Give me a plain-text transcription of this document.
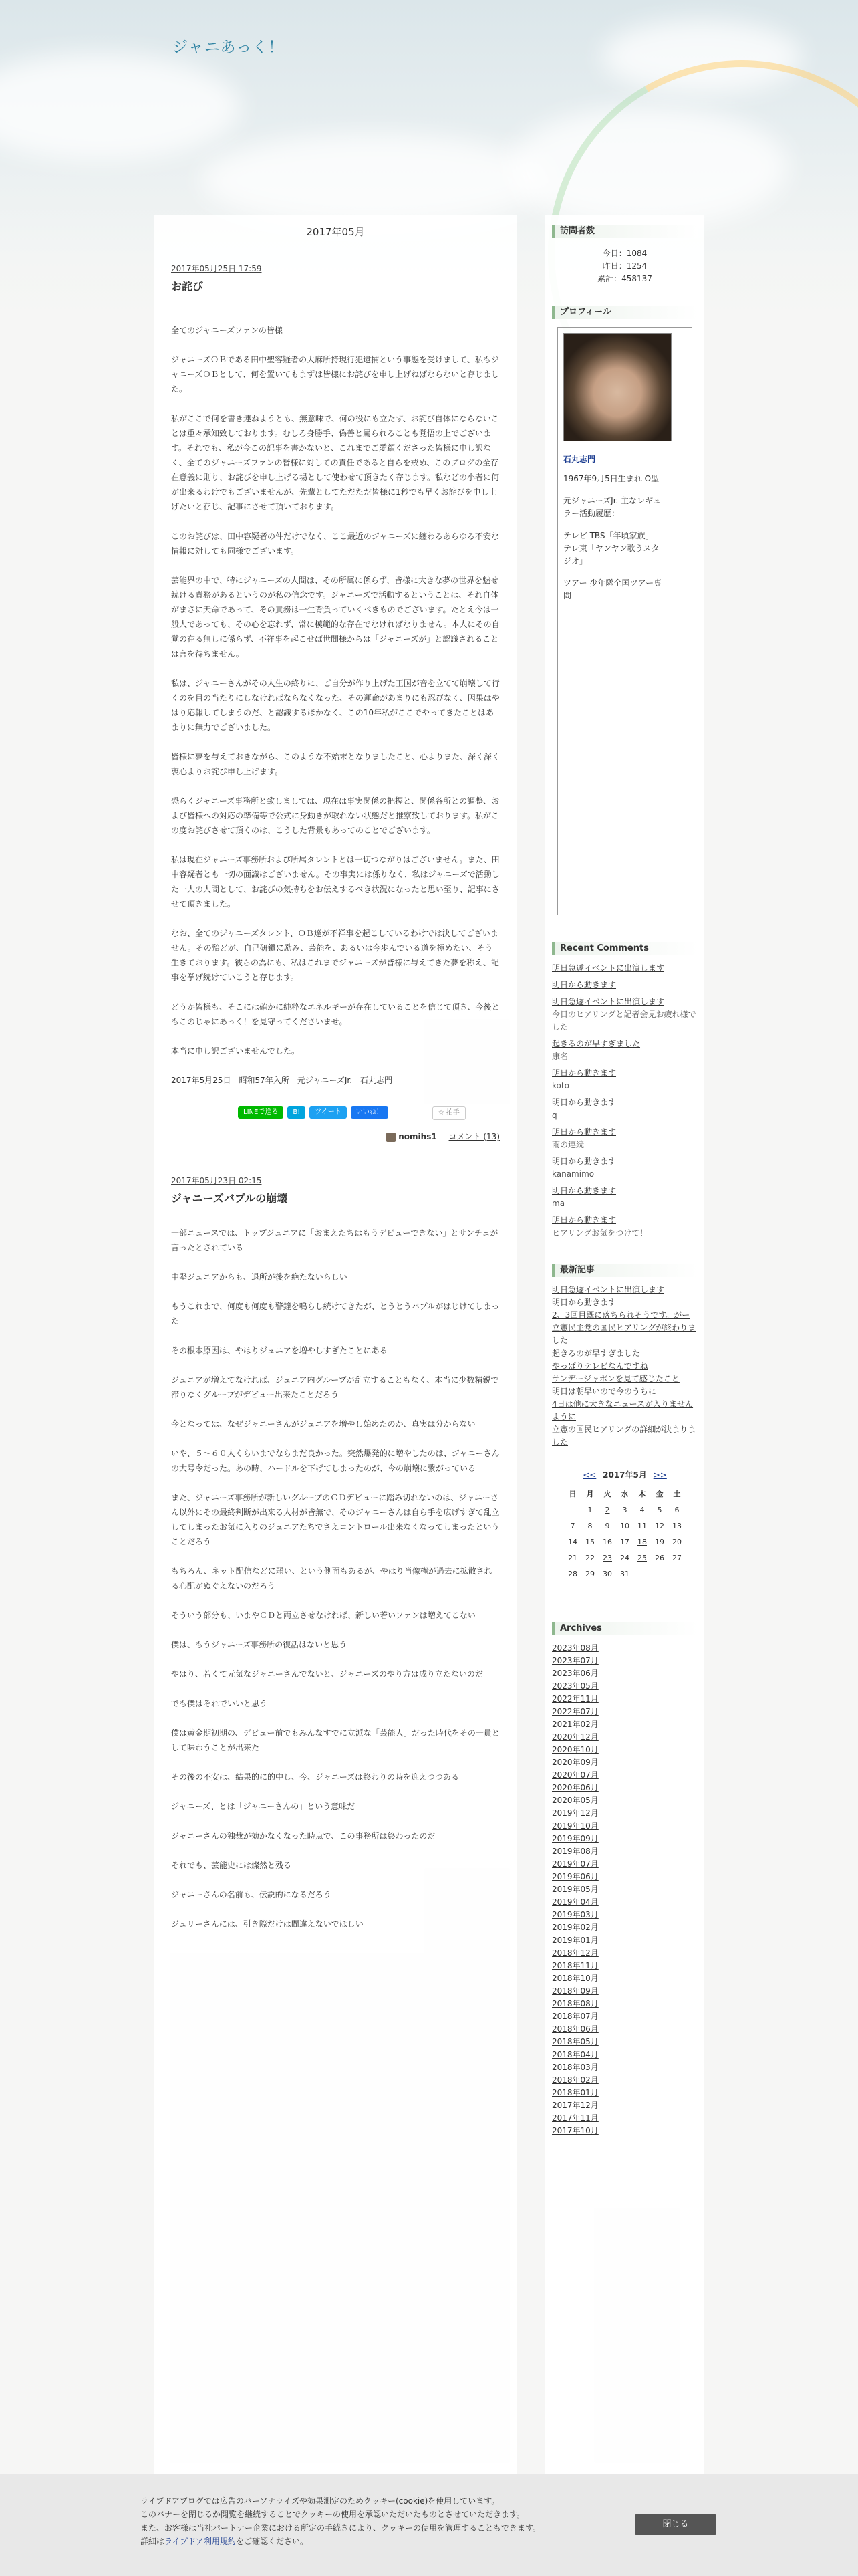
ジャニあっく！
2017年05月
2017年05月25日 17:59
お詫び

全てのジャニーズファンの皆様

ジャニーズＯＢである田中聖容疑者の大麻所持現行犯逮捕という事態を受けまして、私もジャニーズＯＢとして、何を置いてもまずは皆様にお詫びを申し上げねばならないと存じました。

私がここで何を書き連ねようとも、無意味で、何の役にも立たず、お詫び自体にならないことは重々承知致しております。むしろ身勝手、偽善と罵られることも覚悟の上でございます。それでも、私が今この記事を書かないと、これまでご愛顧くださった皆様に申し訳なく、全てのジャニーズファンの皆様に対しての責任であると自らを戒め、このブログの全存在意義に則り、お詫びを申し上げる場として使わせて頂きたく存じます。私などの小者に何が出来るわけでもございませんが、先輩としてただただ皆様に1秒でも早くお詫びを申し上げたいと存じ、記事にさせて頂いております。

このお詫びは、田中容疑者の件だけでなく、ここ最近のジャニーズに纏わるあらゆる不安な情報に対しても同様でございます。

芸能界の中で、特にジャニーズの人間は、その所属に係らず、皆様に大きな夢の世界を魅せ続ける責務があるというのが私の信念です。ジャニーズで活動するということは、それ自体がまさに天命であって、その責務は一生背負っていくべきものでございます。たとえ今は一般人であっても、その心を忘れず、常に模範的な存在でなければなりません。本人にその自覚の在る無しに係らず、不祥事を起こせば世間様からは「ジャニーズが」と認識されることは言を待ちません。

私は、ジャニーさんがその人生の終りに、ご自分が作り上げた王国が音を立てて崩壊して行くのを目の当たりにしなければならなくなった、その運命があまりにも忍びなく、因果はやはり応報してしまうのだ、と認識するほかなく、この10年私がここでやってきたことはあまりに無力でございました。

皆様に夢を与えておきながら、このような不始末となりましたこと、心よりまた、深く深く衷心よりお詫び申し上げます。

恐らくジャニーズ事務所と致しましては、現在は事実関係の把握と、関係各所との調整、および皆様への対応の準備等で公式に身動きが取れない状態だと推察致しております。私がこの度お詫びさせて頂くのは、こうした背景もあってのことでございます。

私は現在ジャニーズ事務所および所属タレントとは一切つながりはございません。また、田中容疑者とも一切の面識はございません。その事実には係りなく、私はジャニーズで活動した一人の人間として、お詫びの気持ちをお伝えするべき状況になったと思い至り、記事にさせて頂きました。

なお、全てのジャニーズタレント、ＯＢ達が不祥事を起こしているわけでは決してございません。その殆どが、自己研鑽に励み、芸能を、あるいは今歩んでいる道を極めたい、そう生きております。彼らの為にも、私はこれまでジャニーズが皆様に与えてきた夢を称え、記事を挙げ続けていこうと存じます。

どうか皆様も、そこには確かに純粋なエネルギーが存在していることを信じて頂き、今後ともこのじゃにあっく！を見守ってくださいませ。

本当に申し訳ございませんでした。

2017年5月25日　昭和57年入所　元ジャニーズJr.　石丸志門

LINEで送る	B!	ツイート	いいね！	☆ 拍手
nomihs1 コメント (13)
2017年05月23日 02:15
ジャニーズバブルの崩壊

一部ニュースでは、トップジュニアに「おまえたちはもうデビューできない」とサンチェが言ったとされている

中堅ジュニアからも、退所が後を絶たないらしい

もうこれまで、何度も何度も警鐘を鳴らし続けてきたが、とうとうバブルがはじけてしまった

その根本原因は、やはりジュニアを増やしすぎたことにある

ジュニアが増えてなければ、ジュニア内グループが乱立することもなく、本当に少数精鋭で滞りなくグループがデビュー出来たことだろう

今となっては、なぜジャニーさんがジュニアを増やし始めたのか、真実は分からない

いや、５～６０人くらいまでならまだ良かった。突然爆発的に増やしたのは、ジャニーさんの大号令だった。あの時、ハードルを下げてしまったのが、今の崩壊に繋がっている

また、ジャニーズ事務所が新しいグループのＣＤデビューに踏み切れないのは、ジャニーさん以外にその最終判断が出来る人材が皆無で、そのジャニーさんは自ら手を広げすぎて乱立してしまったお気に入りのジュニアたちでさえコントロール出来なくなってしまったということだろう

もちろん、ネット配信などに弱い、という側面もあるが、やはり肖像権が過去に拡散される心配がぬぐえないのだろう

そういう部分も、いまやＣＤと両立させなければ、新しい若いファンは増えてこない

僕は、もうジャニーズ事務所の復活はないと思う

やはり、若くて元気なジャニーさんでないと、ジャニーズのやり方は成り立たないのだ

でも僕はそれでいいと思う

僕は黄金期初期の、デビュー前でもみんなすでに立派な「芸能人」だった時代をその一員として味わうことが出来た

その後の不安は、結果的に的中し、今、ジャニーズは終わりの時を迎えつつある

ジャニーズ、とは「ジャニーさんの」という意味だ

ジャニーさんの独裁が効かなくなった時点で、この事務所は終わったのだ

それでも、芸能史には燦然と残る

ジャニーさんの名前も、伝説的になるだろう

ジュリーさんには、引き際だけは間違えないでほしい

訪問者数
今日：1084
昨日：1254
累計：458137
プロフィール
石丸志門
1967年9月5日生まれ O型
元ジャニーズJr. 主なレギュラー活動履歴：
テレビ TBS「年頃家族」 テレ東「ヤンヤン歌うスタジオ」
ツアー 少年隊全国ツアー専問
Recent Comments
明日急遽イベントに出演します
明日から動きます
明日急遽イベントに出演します
今日のヒアリングと記者会見お疲れ様でした
起きるのが早すぎました
康名
明日から動きます
koto
明日から動きます
q
明日から動きます
雨の連続
明日から動きます
kanamimo
明日から動きます
ma
明日から動きます
ヒアリングお気をつけて！
最新記事
明日急遽イベントに出演します
明日から動きます
2、3回目既に落ちられそうです。がー
立憲民主党の国民ヒアリングが終わりました
起きるのが早すぎました
やっぱりテレビなんですね
サンデージャポンを見て感じたこと
明日は朝早いので今のうちに
4日は他に大きなニュースが入りませんように
立憲の国民ヒアリングの詳細が決まりました
<< 2017年5月 >>
日	月	火	水	木	金	土
	1	2	3	4	5	6
7	8	9	10	11	12	13
14	15	16	17	18	19	20
21	22	23	24	25	26	27
28	29	30	31			
Archives
2023年08月
2023年07月
2023年06月
2023年05月
2022年11月
2022年07月
2021年02月
2020年12月
2020年10月
2020年09月
2020年07月
2020年06月
2020年05月
2019年12月
2019年10月
2019年09月
2019年08月
2019年07月
2019年06月
2019年05月
2019年04月
2019年03月
2019年02月
2019年01月
2018年12月
2018年11月
2018年10月
2018年09月
2018年08月
2018年07月
2018年06月
2018年05月
2018年04月
2018年03月
2018年02月
2018年01月
2017年12月
2017年11月
2017年10月
ライブドアブログでは広告のパーソナライズや効果測定のためクッキー(cookie)を使用しています。
このバナーを閉じるか閲覧を継続することでクッキーの使用を承認いただいたものとさせていただきます。
また、お客様は当社パートナー企業における所定の手続きにより、クッキーの使用を管理することもできます。
詳細はライブドア利用規約をご確認ください。
閉じる
